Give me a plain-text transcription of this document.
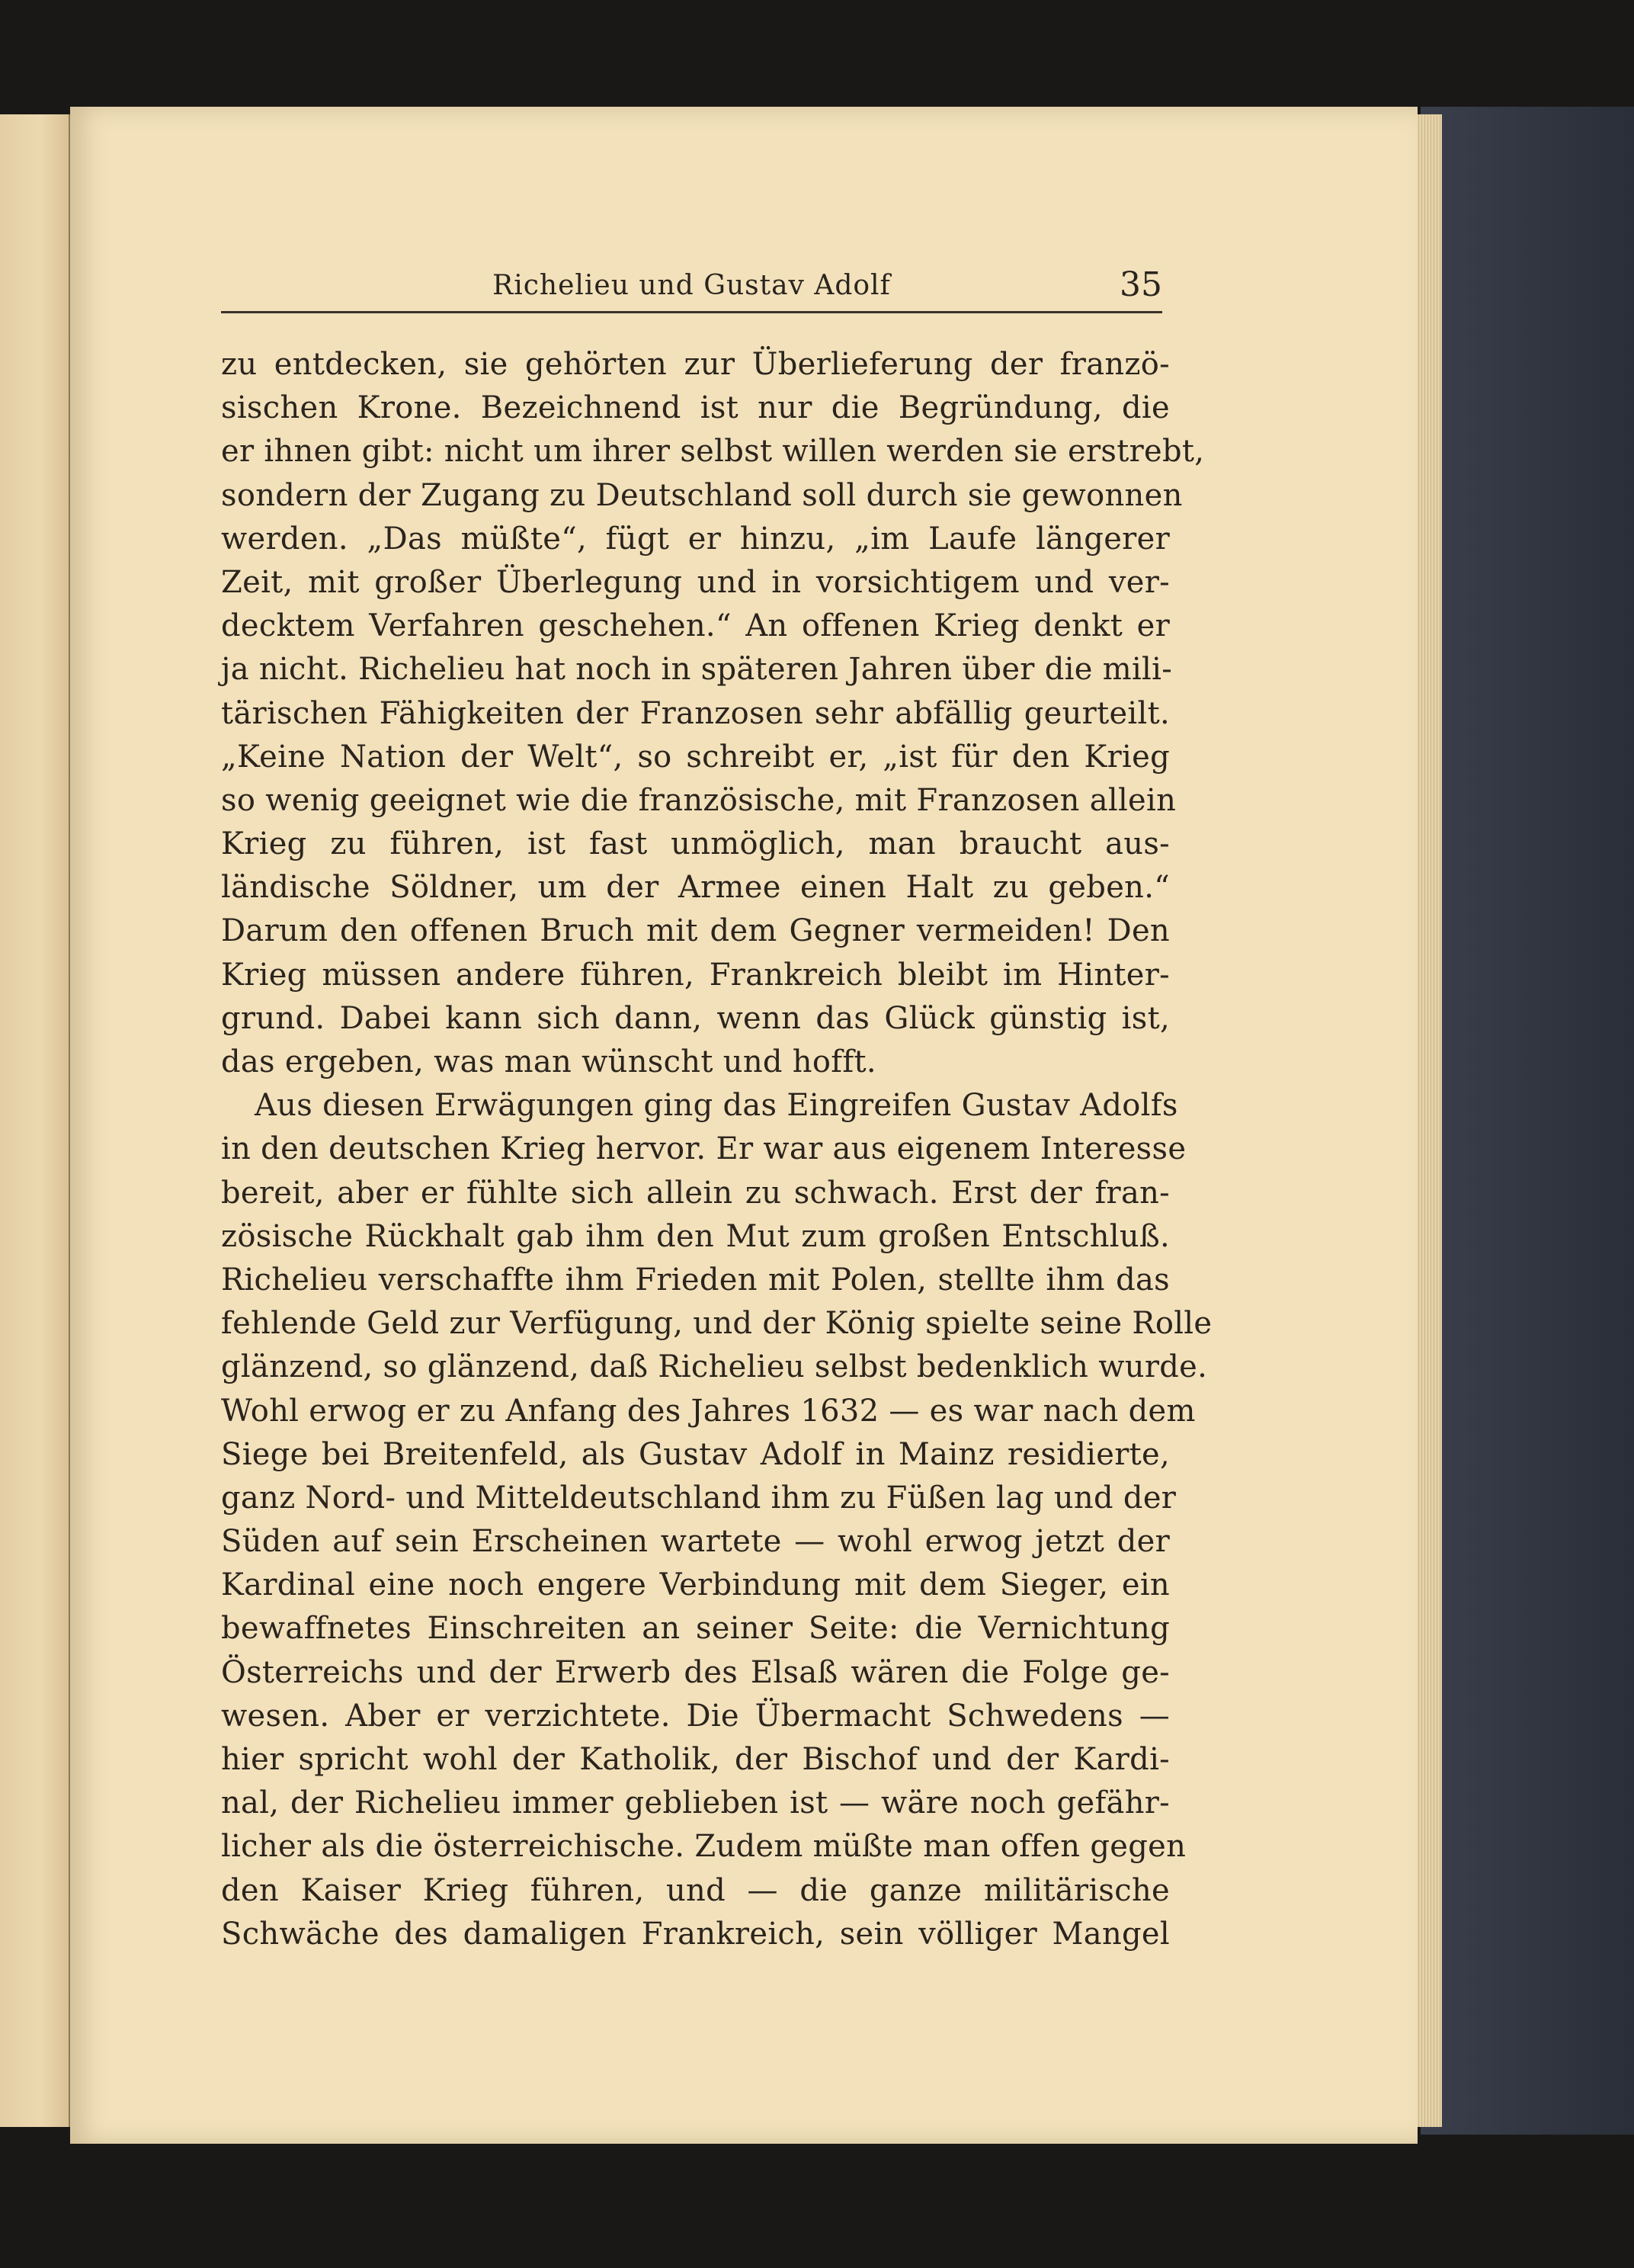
Richelieu und Gustav Adolf	35
zu entdecken, sie gehörten zur Überlieferung der franzö-
sischen Krone. Bezeichnend ist nur die Begründung, die
er ihnen gibt: nicht um ihrer selbst willen werden sie erstrebt,
sondern der Zugang zu Deutschland soll durch sie gewonnen
werden. „Das müßte“, fügt er hinzu, „im Laufe längerer
Zeit, mit großer Überlegung und in vorsichtigem und ver-
decktem Verfahren geschehen.“ An offenen Krieg denkt er
ja nicht. Richelieu hat noch in späteren Jahren über die mili-
tärischen Fähigkeiten der Franzosen sehr abfällig geurteilt.
„Keine Nation der Welt“, so schreibt er, „ist für den Krieg
so wenig geeignet wie die französische, mit Franzosen allein
Krieg zu führen, ist fast unmöglich, man braucht aus-
ländische Söldner, um der Armee einen Halt zu geben.“
Darum den offenen Bruch mit dem Gegner vermeiden! Den
Krieg müssen andere führen, Frankreich bleibt im Hinter-
grund. Dabei kann sich dann, wenn das Glück günstig ist,
das ergeben, was man wünscht und hofft.
Aus diesen Erwägungen ging das Eingreifen Gustav Adolfs
in den deutschen Krieg hervor. Er war aus eigenem Interesse
bereit, aber er fühlte sich allein zu schwach. Erst der fran-
zösische Rückhalt gab ihm den Mut zum großen Entschluß.
Richelieu verschaffte ihm Frieden mit Polen, stellte ihm das
fehlende Geld zur Verfügung, und der König spielte seine Rolle
glänzend, so glänzend, daß Richelieu selbst bedenklich wurde.
Wohl erwog er zu Anfang des Jahres 1632 — es war nach dem
Siege bei Breitenfeld, als Gustav Adolf in Mainz residierte,
ganz Nord- und Mitteldeutschland ihm zu Füßen lag und der
Süden auf sein Erscheinen wartete — wohl erwog jetzt der
Kardinal eine noch engere Verbindung mit dem Sieger, ein
bewaffnetes Einschreiten an seiner Seite: die Vernichtung
Österreichs und der Erwerb des Elsaß wären die Folge ge-
wesen. Aber er verzichtete. Die Übermacht Schwedens —
hier spricht wohl der Katholik, der Bischof und der Kardi-
nal, der Richelieu immer geblieben ist — wäre noch gefähr-
licher als die österreichische. Zudem müßte man offen gegen
den Kaiser Krieg führen, und — die ganze militärische
Schwäche des damaligen Frankreich, sein völliger Mangel
